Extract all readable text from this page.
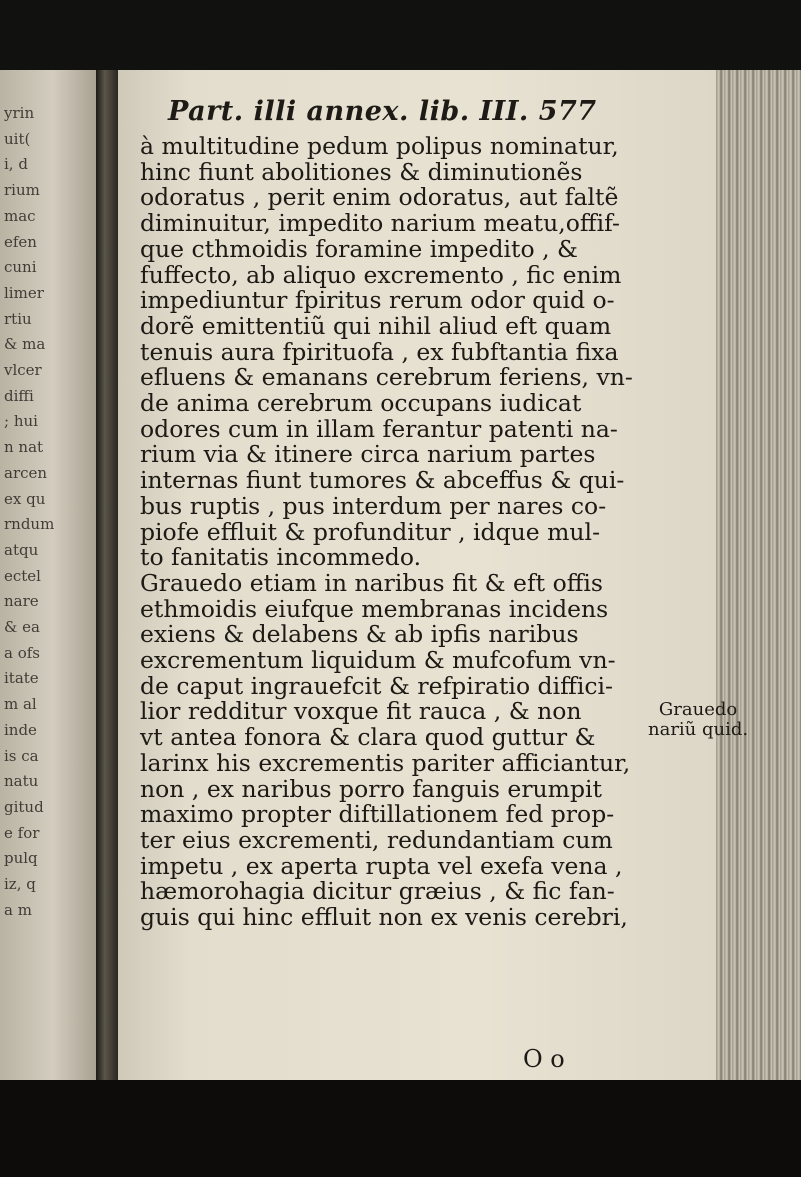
yrin
uit(
i, d
rium
mac
efen
cuni
limer
rtiu
& ma
vlcer
diffi
; hui
n nat
arcen
ex qu
rndum
atqu
ectel
nare
& ea
a ofs
itate
m al
inde
is ca
natu
gitud
e for
pulq
iz, q
a m
Part. illi annex. lib. III. 577
à multitudine pedum polipus nominatur,
hinc fiunt abolitiones & diminutionẽs
odoratus , perit enim odoratus, aut faltẽ
diminuitur, impedito narium meatu,offif-
que cthmoidis foramine impedito , &
fuffecto, ab aliquo excremento , fic enim
impediuntur fpiritus rerum odor quid o-
dorẽ emittentiũ qui nihil aliud eft quam
tenuis aura fpirituofa , ex fubftantia fixa
efluens & emanans cerebrum feriens, vn-
de anima cerebrum occupans iudicat
odores cum in illam ferantur patenti na-
rium via & itinere circa narium partes
internas fiunt tumores & abceffus & qui-
bus ruptis , pus interdum per nares co-
piofe effluit & profunditur , idque mul-
to fanitatis incommedo.
Grauedo etiam in naribus fit & eft offis
ethmoidis eiufque membranas incidens
exiens & delabens & ab ipfis naribus
excrementum liquidum & mufcofum vn-
de caput ingrauefcit & refpiratio diffici-
lior redditur voxque fit rauca , & non
vt antea fonora & clara quod guttur &
larinx his excrementis pariter afficiantur,
non , ex naribus porro fanguis erumpit
maximo propter diftillationem fed prop-
ter eius excrementi, redundantiam cum
impetu , ex aperta rupta vel exefa vena ,
hæmorohagia dicitur græius , & fic fan-
guis qui hinc effluit non ex venis cerebri,
Grauedo
nariũ quid.
O o
